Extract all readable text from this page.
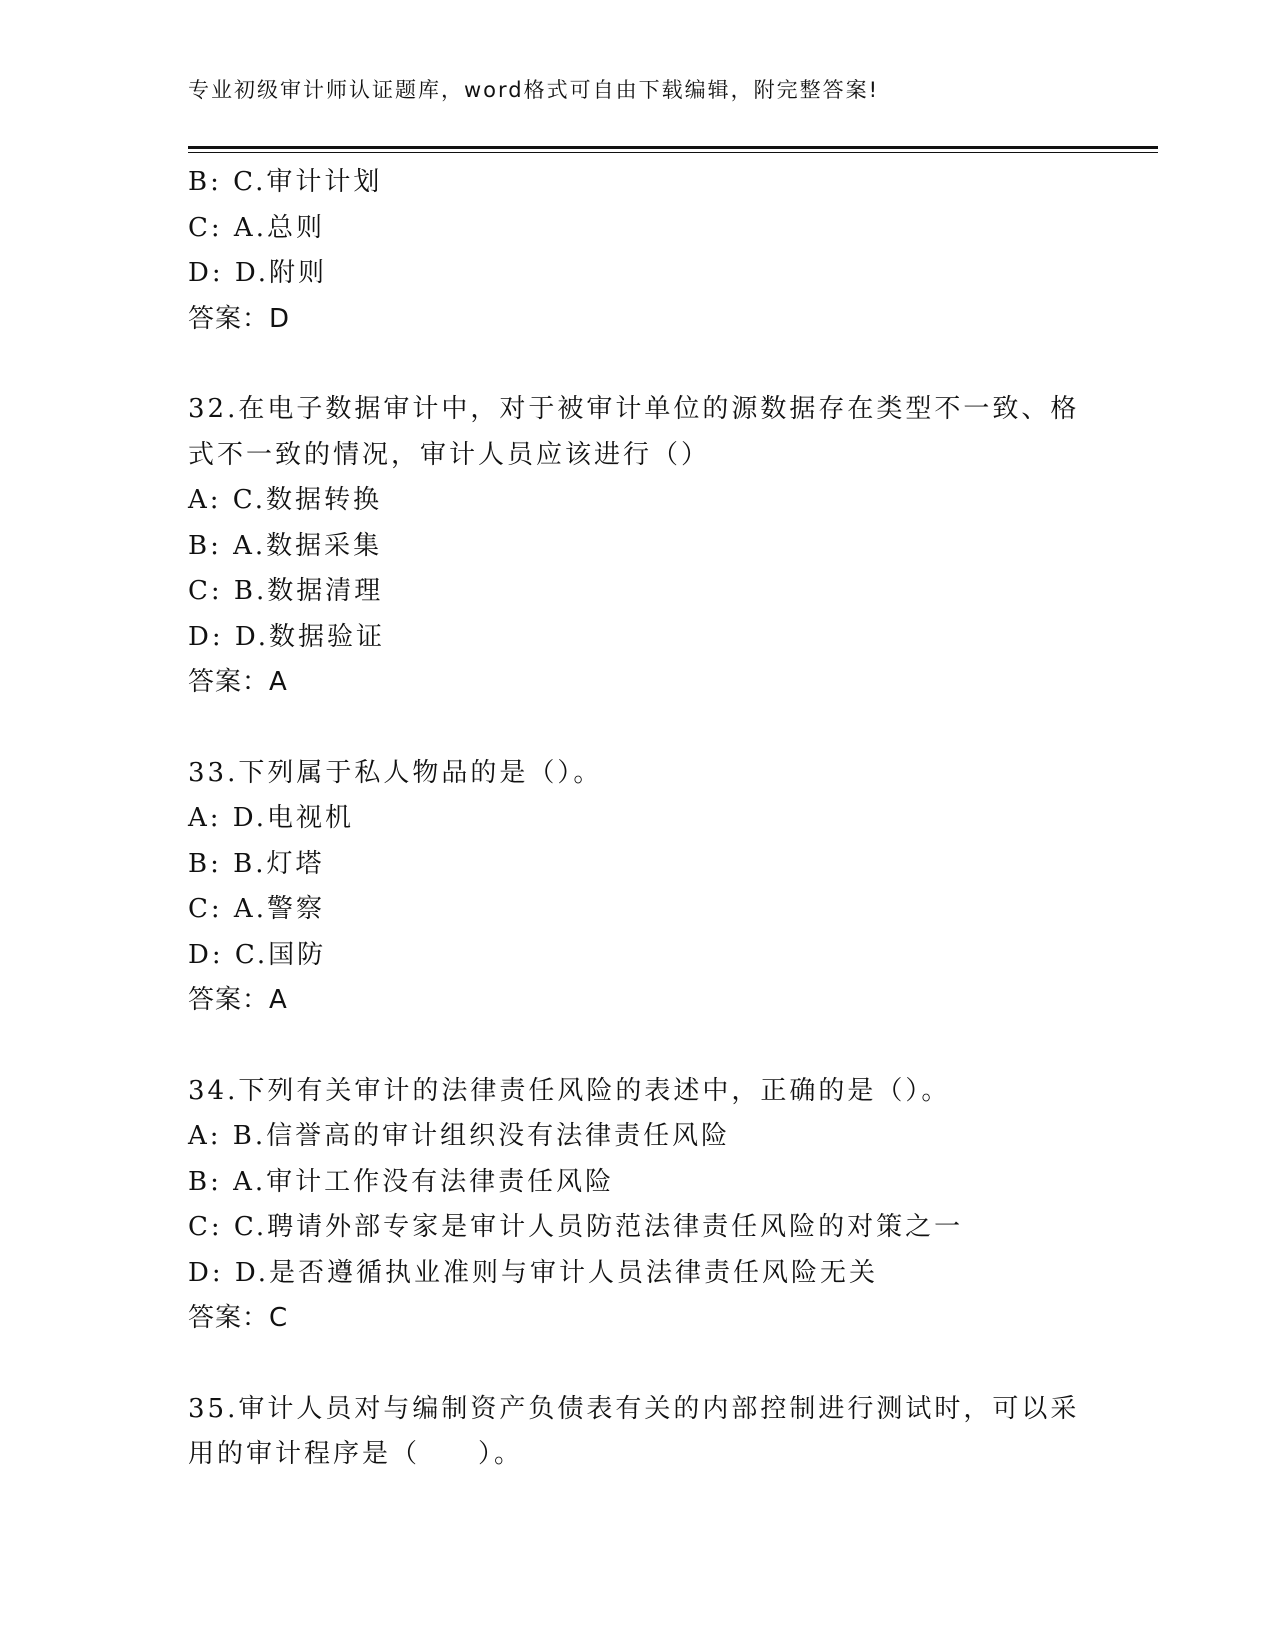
专业初级审计师认证题库，word格式可自由下载编辑，附完整答案!
B: C.审计计划
C: A.总则
D: D.附则
答案：D
32.在电子数据审计中，对于被审计单位的源数据存在类型不一致、格
式不一致的情况，审计人员应该进行（）
A: C.数据转换
B: A.数据采集
C: B.数据清理
D: D.数据验证
答案：A
33.下列属于私人物品的是（）。
A: D.电视机
B: B.灯塔
C: A.警察
D: C.国防
答案：A
34.下列有关审计的法律责任风险的表述中，正确的是（）。
A: B.信誉高的审计组织没有法律责任风险
B: A.审计工作没有法律责任风险
C: C.聘请外部专家是审计人员防范法律责任风险的对策之一
D: D.是否遵循执业准则与审计人员法律责任风险无关
答案：C
35.审计人员对与编制资产负债表有关的内部控制进行测试时，可以采
用的审计程序是（　　）。
